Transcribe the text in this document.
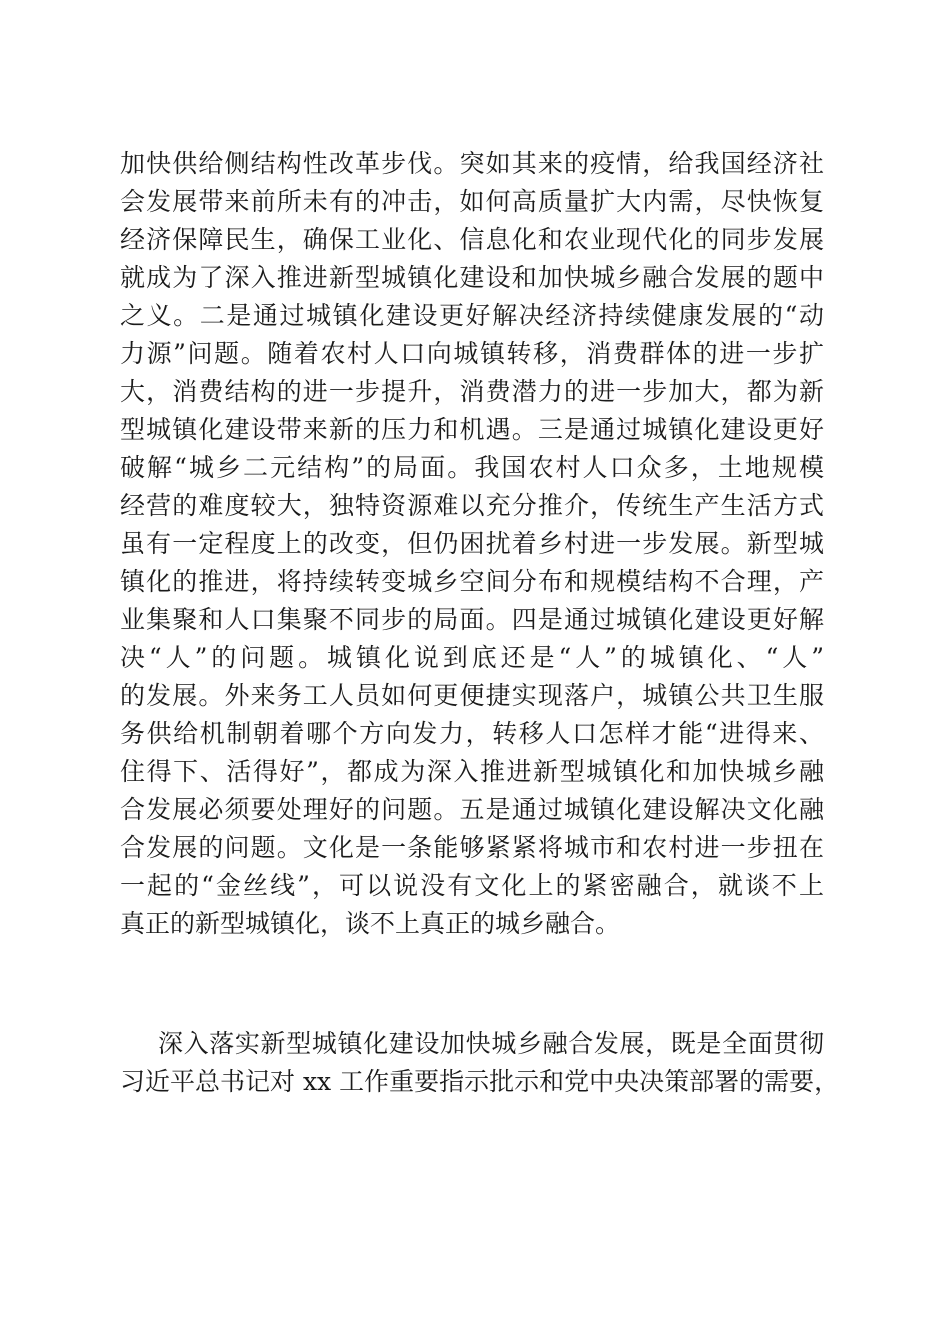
加快供给侧结构性改革步伐。突如其来的疫情，给我国经济社
会发展带来前所未有的冲击，如何高质量扩大内需，尽快恢复
经济保障民生，确保工业化、信息化和农业现代化的同步发展
就成为了深入推进新型城镇化建设和加快城乡融合发展的题中
之义。二是通过城镇化建设更好解决经济持续健康发展的“动
力源”问题。随着农村人口向城镇转移，消费群体的进一步扩
大，消费结构的进一步提升，消费潜力的进一步加大，都为新
型城镇化建设带来新的压力和机遇。三是通过城镇化建设更好
破解“城乡二元结构”的局面。我国农村人口众多，土地规模
经营的难度较大，独特资源难以充分推介，传统生产生活方式
虽有一定程度上的改变，但仍困扰着乡村进一步发展。新型城
镇化的推进，将持续转变城乡空间分布和规模结构不合理，产
业集聚和人口集聚不同步的局面。四是通过城镇化建设更好解
决“人”的问题。城镇化说到底还是“人”的城镇化、“人”
的发展。外来务工人员如何更便捷实现落户，城镇公共卫生服
务供给机制朝着哪个方向发力，转移人口怎样才能“进得来、
住得下、活得好”，都成为深入推进新型城镇化和加快城乡融
合发展必须要处理好的问题。五是通过城镇化建设解决文化融
合发展的问题。文化是一条能够紧紧将城市和农村进一步扭在
一起的“金丝线”，可以说没有文化上的紧密融合，就谈不上
真正的新型城镇化，谈不上真正的城乡融合。
深入落实新型城镇化建设加快城乡融合发展，既是全面贯彻
习近平总书记对 xx 工作重要指示批示和党中央决策部署的需要，
